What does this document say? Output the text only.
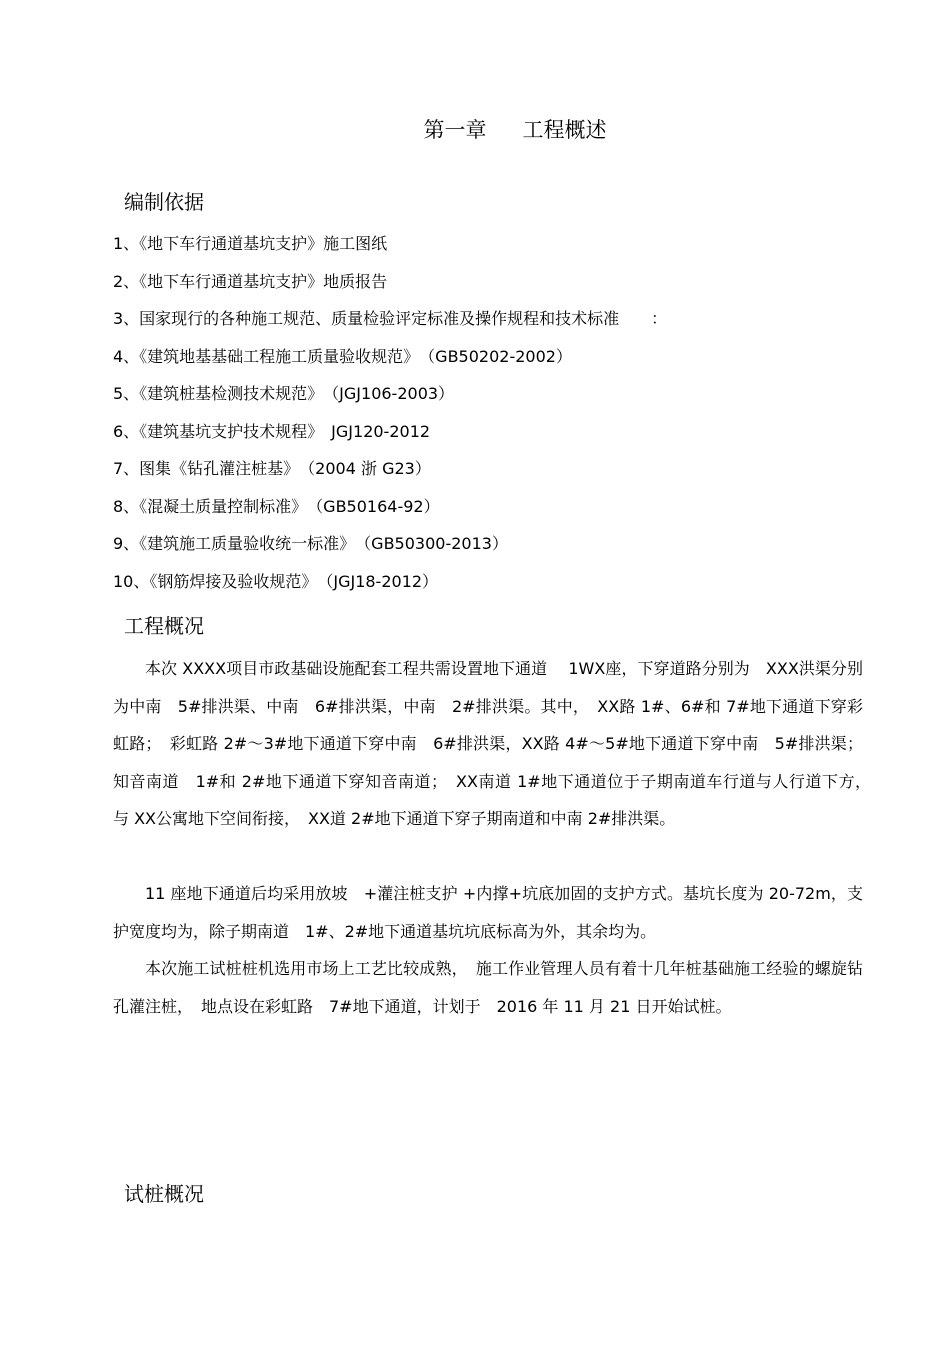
第一章 工程概述
编制依据
1、《地下车行通道基坑支护》施工图纸
2、《地下车行通道基坑支护》地质报告
3、国家现行的各种施工规范、质量检验评定标准及操作规程和技术标准　　：
4、《建筑地基基础工程施工质量验收规范》　（GB50202-2002）
5、《建筑桩基检测技术规范》　（JGJ106-2003）
6、《建筑基坑支护技术规程》　JGJ120-2012
7、图集《钻孔灌注桩基》　（2004 浙 G23）
8、《混凝土质量控制标准》　（GB50164-92）
9、《建筑施工质量验收统一标准》　（GB50300-2013）
10、《钢筋焊接及验收规范》　（JGJ18-2012）
工程概况

本次 XXXX项目市政基础设施配套工程共需设置地下通道　 1WX座，下穿道路分别为　XXX洪渠分别为中南　5#排洪渠、中南　6#排洪渠，中南　2#排洪渠。其中，　XX路 1#、6#和 7#地下通道下穿彩虹路；　彩虹路 2#～3#地下通道下穿中南　6#排洪渠，XX路 4#～5#地下通道下穿中南　5#排洪渠；知音南道　1#和 2#地下通道下穿知音南道；　XX南道 1#地下通道位于子期南道车行道与人行道下方，　与 XX公寓地下空间衔接，　XX道 2#地下通道下穿子期南道和中南 2#排洪渠。

11 座地下通道后均采用放坡　+灌注桩支护 +内撑+坑底加固的支护方式。基坑长度为 20-72m，支护宽度均为，除子期南道　1#、2#地下通道基坑坑底标高为外，其余均为。

本次施工试桩桩机选用市场上工艺比较成熟，　施工作业管理人员有着十几年桩基础施工经验的螺旋钻孔灌注桩，　地点设在彩虹路　7#地下通道，计划于　2016 年 11 月 21 日开始试桩。

试桩概况
